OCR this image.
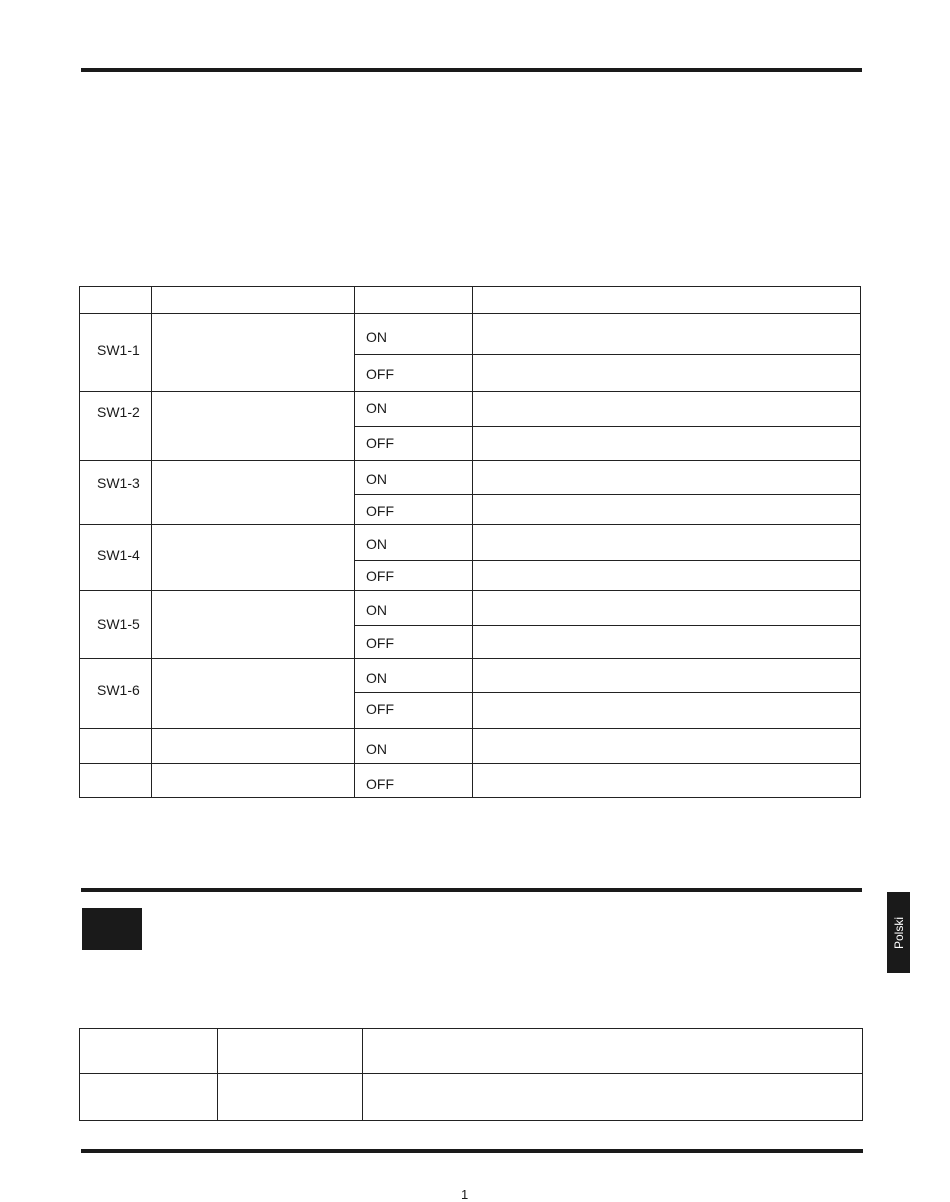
SW1-1
ON
OFF
SW1-2	ON
OFF
SW1-3	ON
OFF
SW1-4
ON
OFF
SW1-5
ON
OFF
SW1-6
ON
OFF
ON
OFF
Polski
1
